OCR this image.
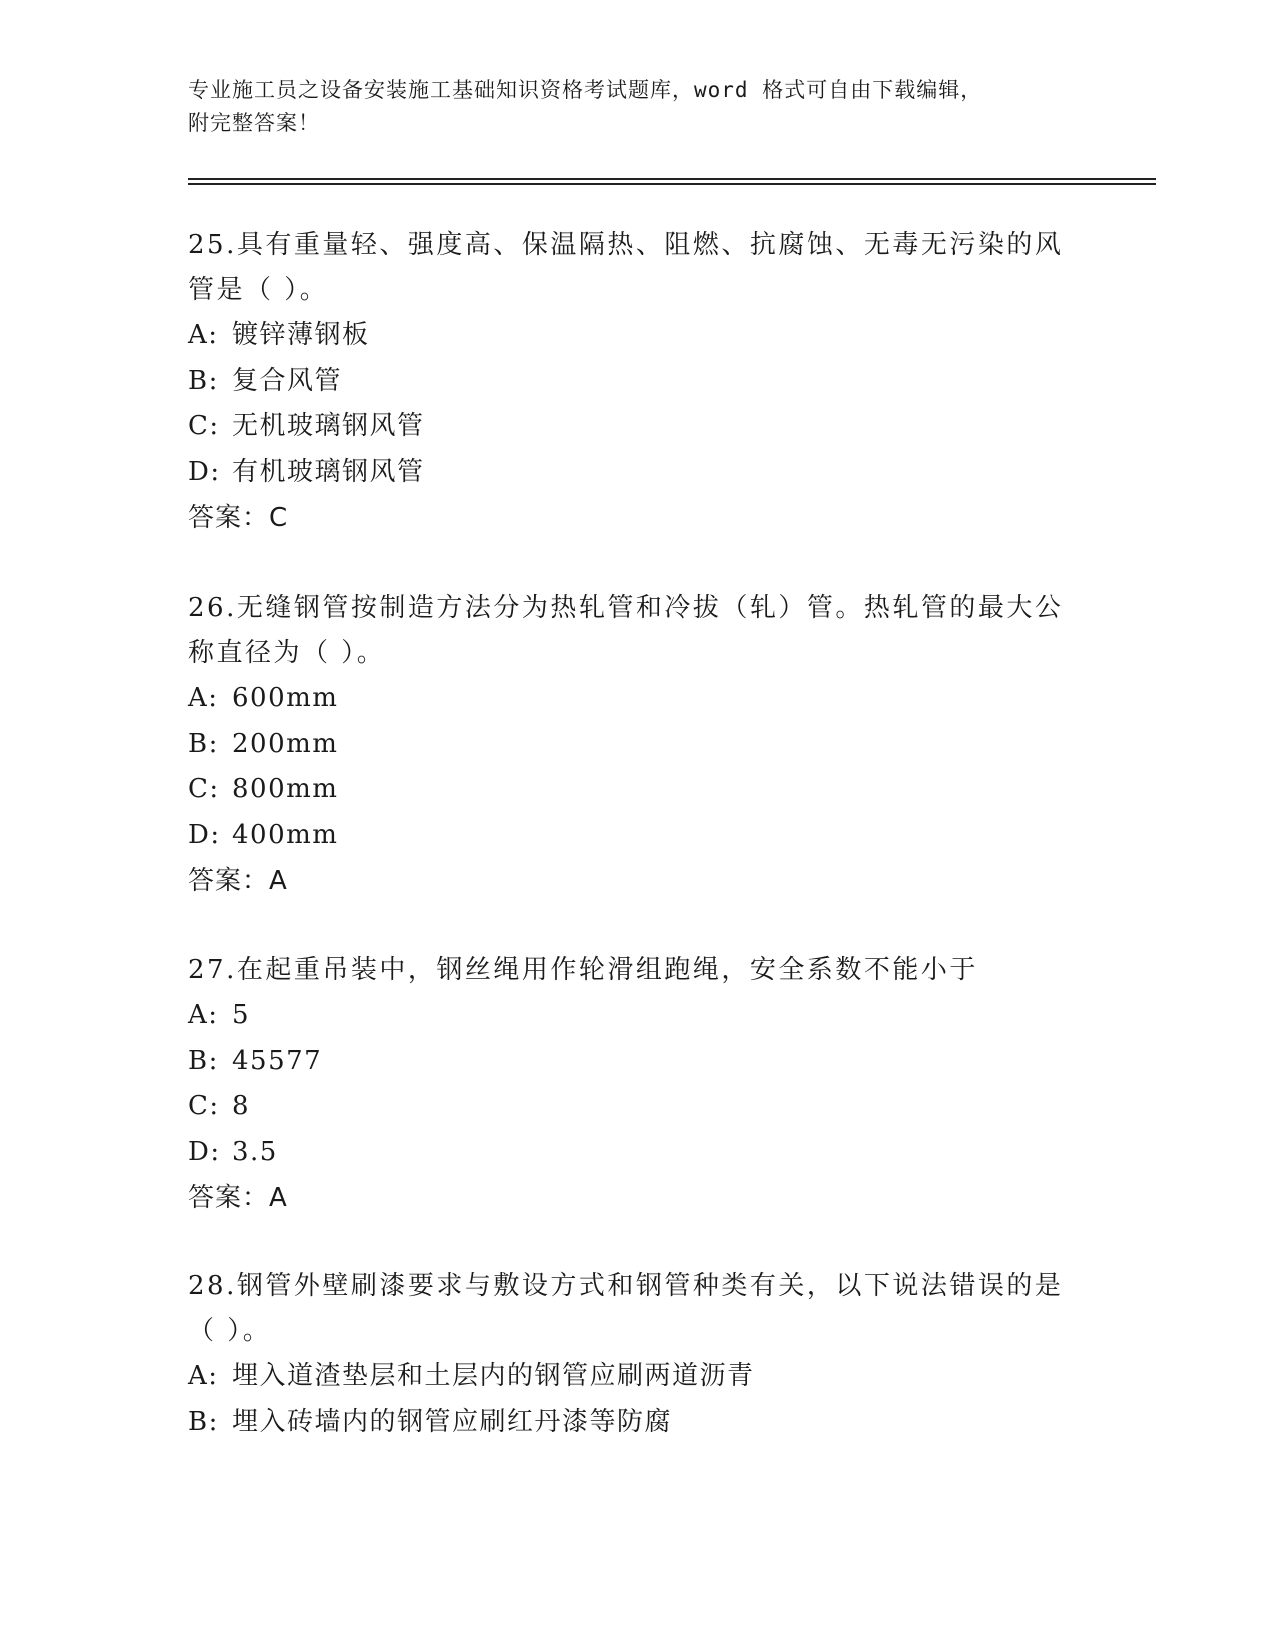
专业施工员之设备安装施工基础知识资格考试题库，word 格式可自由下载编辑，
附完整答案！

25.具有重量轻、强度高、保温隔热、阻燃、抗腐蚀、无毒无污染的风
管是（ ）。

A: 镀锌薄钢板

B: 复合风管

C: 无机玻璃钢风管

D: 有机玻璃钢风管

答案：C

26.无缝钢管按制造方法分为热轧管和冷拔（轧）管。热轧管的最大公
称直径为（ ）。

A: 600mm

B: 200mm

C: 800mm

D: 400mm

答案：A

27.在起重吊装中，钢丝绳用作轮滑组跑绳，安全系数不能小于

A: 5

B: 45577

C: 8

D: 3.5

答案：A

28.钢管外壁刷漆要求与敷设方式和钢管种类有关，以下说法错误的是
（ ）。

A: 埋入道渣垫层和土层内的钢管应刷两道沥青

B: 埋入砖墙内的钢管应刷红丹漆等防腐
